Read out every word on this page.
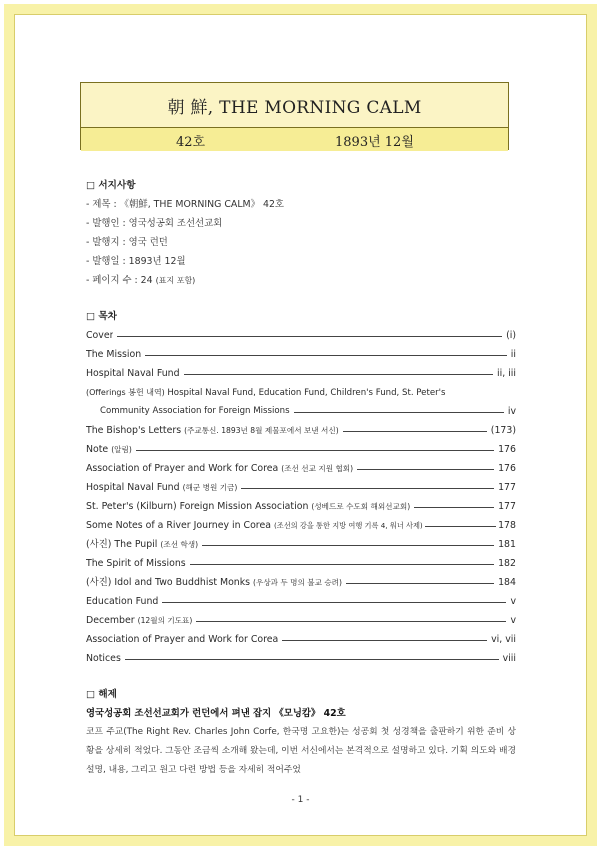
朝 鮮, THE MORNING CALM
42호	1893년 12월
□ 서지사항
- 제목 : 《朝鮮, THE MORNING CALM》 42호
- 발행인 : 영국성공회 조선선교회
- 발행지 : 영국 런던
- 발행일 : 1893년 12월
- 페이지 수 : 24 (표지 포함)
□ 목차
Cover	(i)
The Mission	ii
Hospital Naval Fund	ii, iii
(Offerings 봉헌 내역) Hospital Naval Fund, Education Fund, Children's Fund, St. Peter's
Community Association for Foreign Missions	iv
The Bishop's Letters (주교통신. 1893년 8월 제물포에서 보낸 서신)	(173)
Note (알림)	176
Association of Prayer and Work for Corea (조선 선교 지원 협회)	176
Hospital Naval Fund (해군 병원 기금)	177
St. Peter's (Kilburn) Foreign Mission Association (성베드로 수도회 해외선교회)	177
Some Notes of a River Journey in Corea (조선의 강을 통한 지방 여행 기록 4, 워너 사제)	178
(사진) The Pupil (조선 학생)	181
The Spirit of Missions	182
(사진) Idol and Two Buddhist Monks (우상과 두 명의 불교 승려)	184
Education Fund	v
December (12월의 기도표)	v
Association of Prayer and Work for Corea	vi, vii
Notices	viii
□ 해제
영국성공회 조선선교회가 런던에서 펴낸 잡지 《모닝캄》 42호
코프 주교(The Right Rev. Charles John Corfe, 한국명 고요한)는 성공회 첫 성경책을 출판하기 위한 준비 상황을 상세히 적었다. 그동안 조금씩 소개해 왔는데, 이번 서신에서는 본격적으로 설명하고 있다. 기획 의도와 배경 설명, 내용, 그리고 원고 다련 방법 등을 자세히 적어주었
- 1 -
